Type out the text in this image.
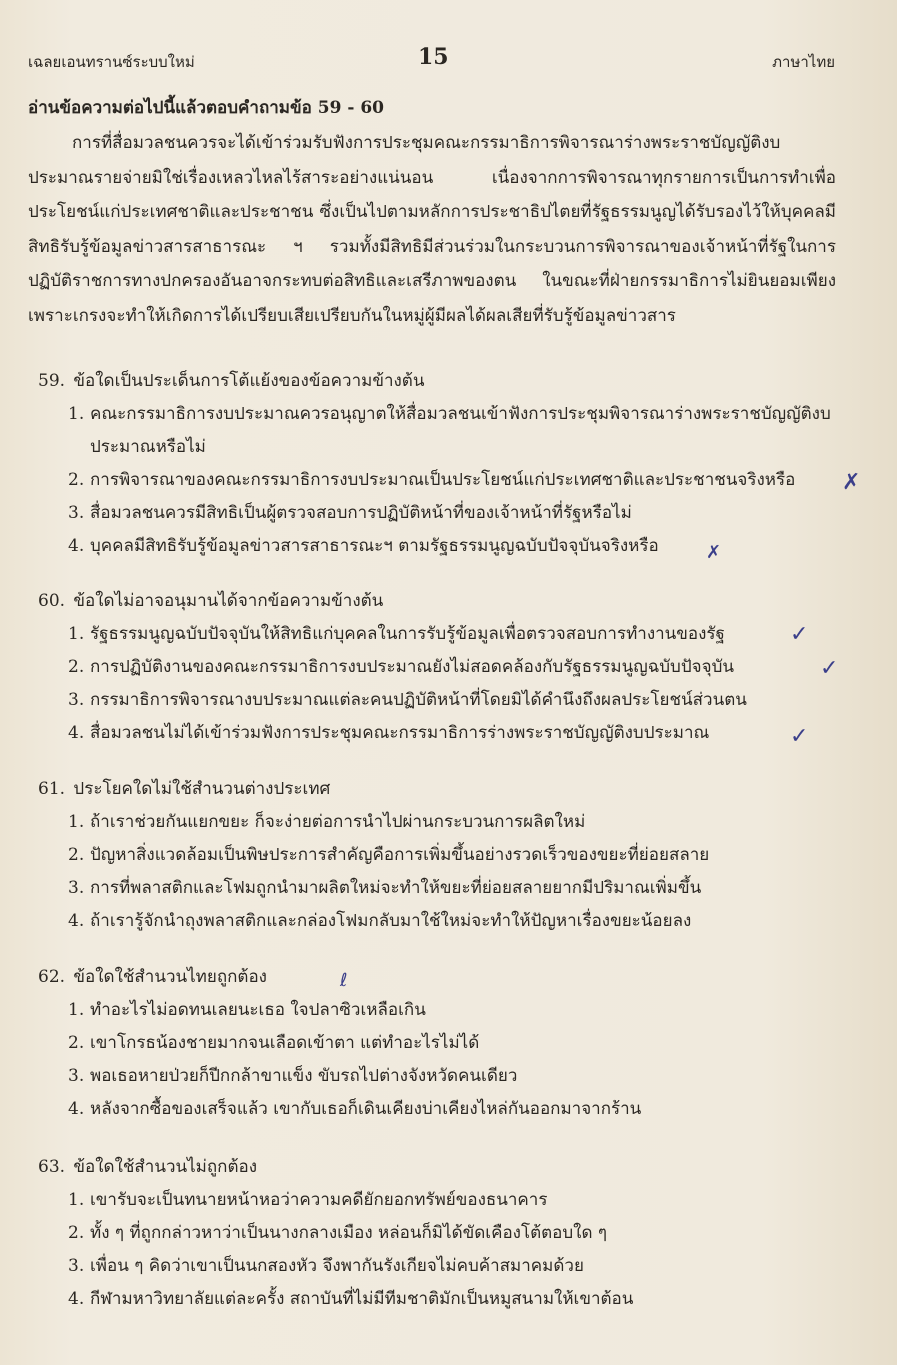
เฉลยเอนทรานซ์ระบบใหม่	15	ภาษาไทย
อ่านข้อความต่อไปนี้แล้วตอบคำถามข้อ 59 - 60

การที่สื่อมวลชนควรจะได้เข้าร่วมรับฟังการประชุมคณะกรรมาธิการพิจารณาร่างพระราชบัญญัติงบประมาณรายจ่ายมิใช่เรื่องเหลวไหลไร้สาระอย่างแน่นอน เนื่องจากการพิจารณาทุกรายการเป็นการทำเพื่อประโยชน์แก่ประเทศชาติและประชาชน ซึ่งเป็นไปตามหลักการประชาธิปไตยที่รัฐธรรมนูญได้รับรองไว้ให้บุคคลมีสิทธิรับรู้ข้อมูลข่าวสารสาธารณะ ฯ รวมทั้งมีสิทธิมีส่วนร่วมในกระบวนการพิจารณาของเจ้าหน้าที่รัฐในการปฏิบัติราชการทางปกครองอันอาจกระทบต่อสิทธิและเสรีภาพของตน ในขณะที่ฝ่ายกรรมาธิการไม่ยินยอมเพียงเพราะเกรงจะทำให้เกิดการได้เปรียบเสียเปรียบกันในหมู่ผู้มีผลได้ผลเสียที่รับรู้ข้อมูลข่าวสาร

59. ข้อใดเป็นประเด็นการโต้แย้งของข้อความข้างต้น
1. คณะกรรมาธิการงบประมาณควรอนุญาตให้สื่อมวลชนเข้าฟังการประชุมพิจารณาร่างพระราชบัญญัติงบประมาณหรือไม่
2. การพิจารณาของคณะกรรมาธิการงบประมาณเป็นประโยชน์แก่ประเทศชาติและประชาชนจริงหรือ
3. สื่อมวลชนควรมีสิทธิเป็นผู้ตรวจสอบการปฏิบัติหน้าที่ของเจ้าหน้าที่รัฐหรือไม่
4. บุคคลมีสิทธิรับรู้ข้อมูลข่าวสารสาธารณะฯ ตามรัฐธรรมนูญฉบับปัจจุบันจริงหรือ
60. ข้อใดไม่อาจอนุมานได้จากข้อความข้างต้น
1. รัฐธรรมนูญฉบับปัจจุบันให้สิทธิแก่บุคคลในการรับรู้ข้อมูลเพื่อตรวจสอบการทำงานของรัฐ
2. การปฏิบัติงานของคณะกรรมาธิการงบประมาณยังไม่สอดคล้องกับรัฐธรรมนูญฉบับปัจจุบัน
3. กรรมาธิการพิจารณางบประมาณแต่ละคนปฏิบัติหน้าที่โดยมิได้คำนึงถึงผลประโยชน์ส่วนตน
4. สื่อมวลชนไม่ได้เข้าร่วมฟังการประชุมคณะกรรมาธิการร่างพระราชบัญญัติงบประมาณ
61. ประโยคใดไม่ใช้สำนวนต่างประเทศ
1. ถ้าเราช่วยกันแยกขยะ ก็จะง่ายต่อการนำไปผ่านกระบวนการผลิตใหม่
2. ปัญหาสิ่งแวดล้อมเป็นพิษประการสำคัญคือการเพิ่มขึ้นอย่างรวดเร็วของขยะที่ย่อยสลาย
3. การที่พลาสติกและโฟมถูกนำมาผลิตใหม่จะทำให้ขยะที่ย่อยสลายยากมีปริมาณเพิ่มขึ้น
4. ถ้าเรารู้จักนำถุงพลาสติกและกล่องโฟมกลับมาใช้ใหม่จะทำให้ปัญหาเรื่องขยะน้อยลง
62. ข้อใดใช้สำนวนไทยถูกต้อง
1. ทำอะไรไม่อดทนเลยนะเธอ ใจปลาซิวเหลือเกิน
2. เขาโกรธน้องชายมากจนเลือดเข้าตา แต่ทำอะไรไม่ได้
3. พอเธอหายป่วยก็ปีกกล้าขาแข็ง ขับรถไปต่างจังหวัดคนเดียว
4. หลังจากซื้อของเสร็จแล้ว เขากับเธอก็เดินเคียงบ่าเคียงไหล่กันออกมาจากร้าน
63. ข้อใดใช้สำนวนไม่ถูกต้อง
1. เขารับจะเป็นทนายหน้าหอว่าความคดียักยอกทรัพย์ของธนาคาร
2. ทั้ง ๆ ที่ถูกกล่าวหาว่าเป็นนางกลางเมือง หล่อนก็มิได้ขัดเคืองโต้ตอบใด ๆ
3. เพื่อน ๆ คิดว่าเขาเป็นนกสองหัว จึงพากันรังเกียจไม่คบค้าสมาคมด้วย
4. กีฬามหาวิทยาลัยแต่ละครั้ง สถาบันที่ไม่มีทีมชาติมักเป็นหมูสนามให้เขาต้อน
✗
✗
✓
✓
✓
ℓ
